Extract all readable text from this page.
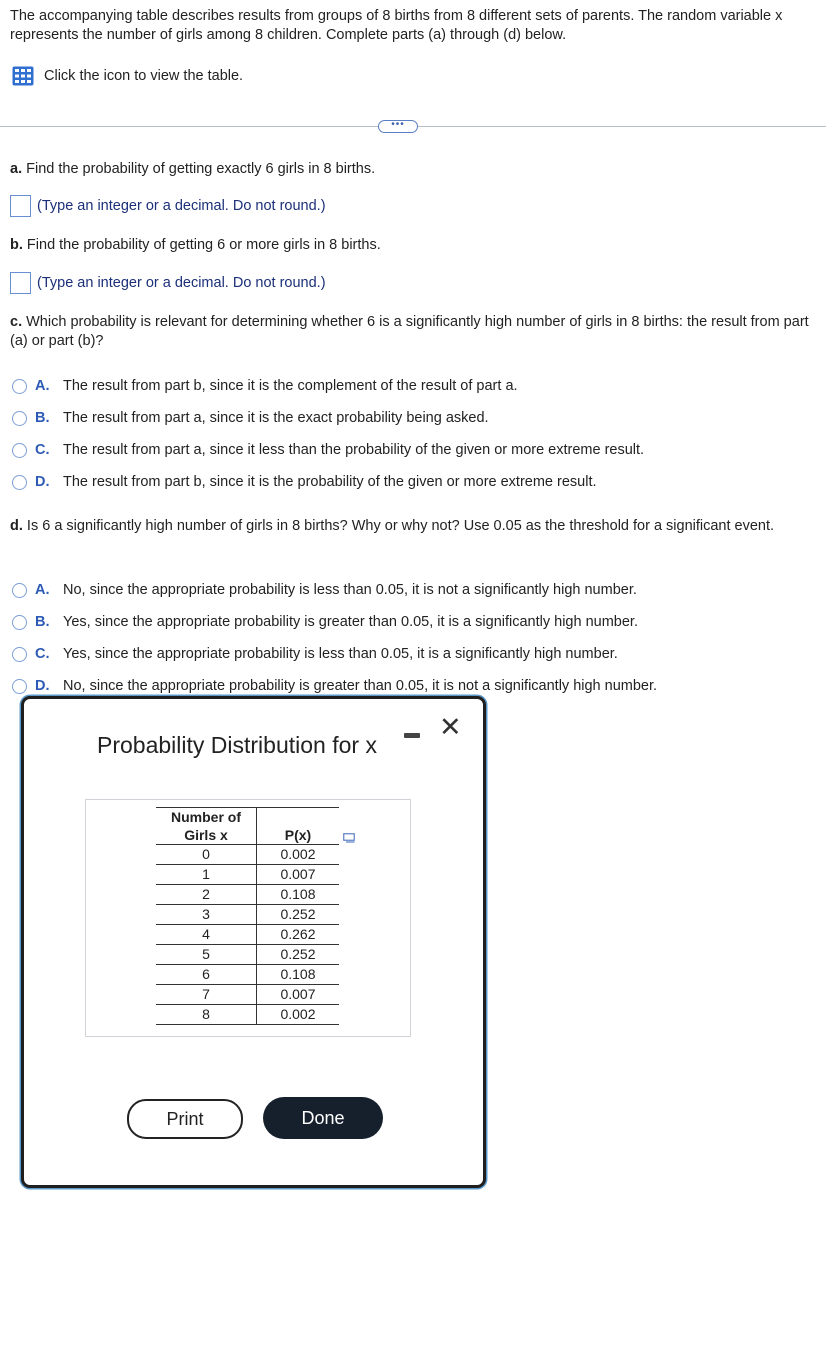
The accompanying table describes results from groups of 8 births from 8 different sets of parents. The random variable x represents the number of girls among 8 children. Complete parts (a) through (d) below.
Click the icon to view the table.
•••
a. Find the probability of getting exactly 6 girls in 8 births.
(Type an integer or a decimal. Do not round.)
b. Find the probability of getting 6 or more girls in 8 births.
(Type an integer or a decimal. Do not round.)
c. Which probability is relevant for determining whether 6 is a significantly high number of girls in 8 births: the result from part (a) or part (b)?
A. The result from part b, since it is the complement of the result of part a.
B. The result from part a, since it is the exact probability being asked.
C. The result from part a, since it less than the probability of the given or more extreme result.
D. The result from part b, since it is the probability of the given or more extreme result.
d. Is 6 a significantly high number of girls in 8 births? Why or why not? Use 0.05 as the threshold for a significant event.
A. No, since the appropriate probability is less than 0.05, it is not a significantly high number.
B. Yes, since the appropriate probability is greater than 0.05, it is a significantly high number.
C. Yes, since the appropriate probability is less than 0.05, it is a significantly high number.
D. No, since the appropriate probability is greater than 0.05, it is not a significantly high number.
Probability Distribution for x
✕
Number of
Girls x	P(x)
0	0.002
1	0.007
2	0.108
3	0.252
4	0.262
5	0.252
6	0.108
7	0.007
8	0.002
Print	Done
